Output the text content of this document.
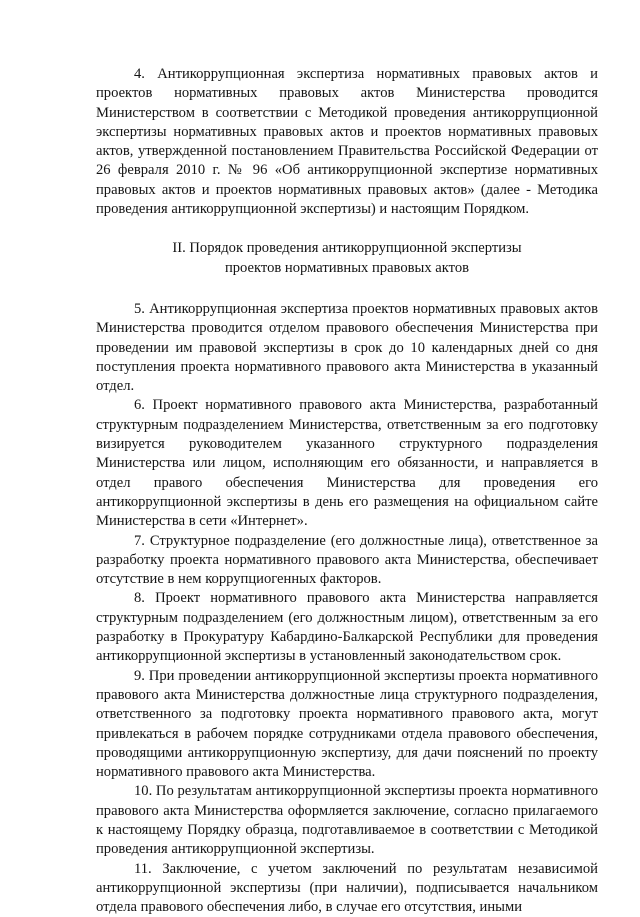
4. Антикоррупционная экспертиза нормативных правовых актов и проектов нормативных правовых актов Министерства проводится Министерством в соответствии с Методикой проведения антикоррупционной экспертизы нормативных правовых актов и проектов нормативных правовых актов, утвержденной постановлением Правительства Российской Федерации от 26 февраля 2010 г. № 96 «Об антикоррупционной экспертизе нормативных правовых актов и проектов нормативных правовых актов» (далее - Методика проведения антикоррупционной экспертизы) и настоящим Порядком.

II. Порядок проведения антикоррупционной экспертизы
проектов нормативных правовых актов

5. Антикоррупционная экспертиза проектов нормативных правовых актов Министерства проводится отделом правового обеспечения Министерства при проведении им правовой экспертизы в срок до 10 календарных дней со дня поступления проекта нормативного правового акта Министерства в указанный отдел.

6. Проект нормативного правового акта Министерства, разработанный структурным подразделением Министерства, ответственным за его подготовку визируется руководителем указанного структурного подразделения Министерства или лицом, исполняющим его обязанности, и направляется в отдел правого обеспечения Министерства для проведения его антикоррупционной экспертизы в день его размещения на официальном сайте Министерства в сети «Интернет».

7. Структурное подразделение (его должностные лица), ответственное за разработку проекта нормативного правового акта Министерства, обеспечивает отсутствие в нем коррупциогенных факторов.

8. Проект нормативного правового акта Министерства направляется структурным подразделением (его должностным лицом), ответственным за его разработку в Прокуратуру Кабардино-Балкарской Республики для проведения антикоррупционной экспертизы в установленный законодательством срок.

9. При проведении антикоррупционной экспертизы проекта нормативного правового акта Министерства должностные лица структурного подразделения, ответственного за подготовку проекта нормативного правового акта, могут привлекаться в рабочем порядке сотрудниками отдела правового обеспечения, проводящими антикоррупционную экспертизу, для дачи пояснений по проекту нормативного правового акта Министерства.

10. По результатам антикоррупционной экспертизы проекта нормативного правового акта Министерства оформляется заключение, согласно прилагаемого к настоящему Порядку образца, подготавливаемое в соответствии с Методикой проведения антикоррупционной экспертизы.

11. Заключение, с учетом заключений по результатам независимой антикоррупционной экспертизы (при наличии), подписывается начальником отдела правового обеспечения либо, в случае его отсутствия, иными
